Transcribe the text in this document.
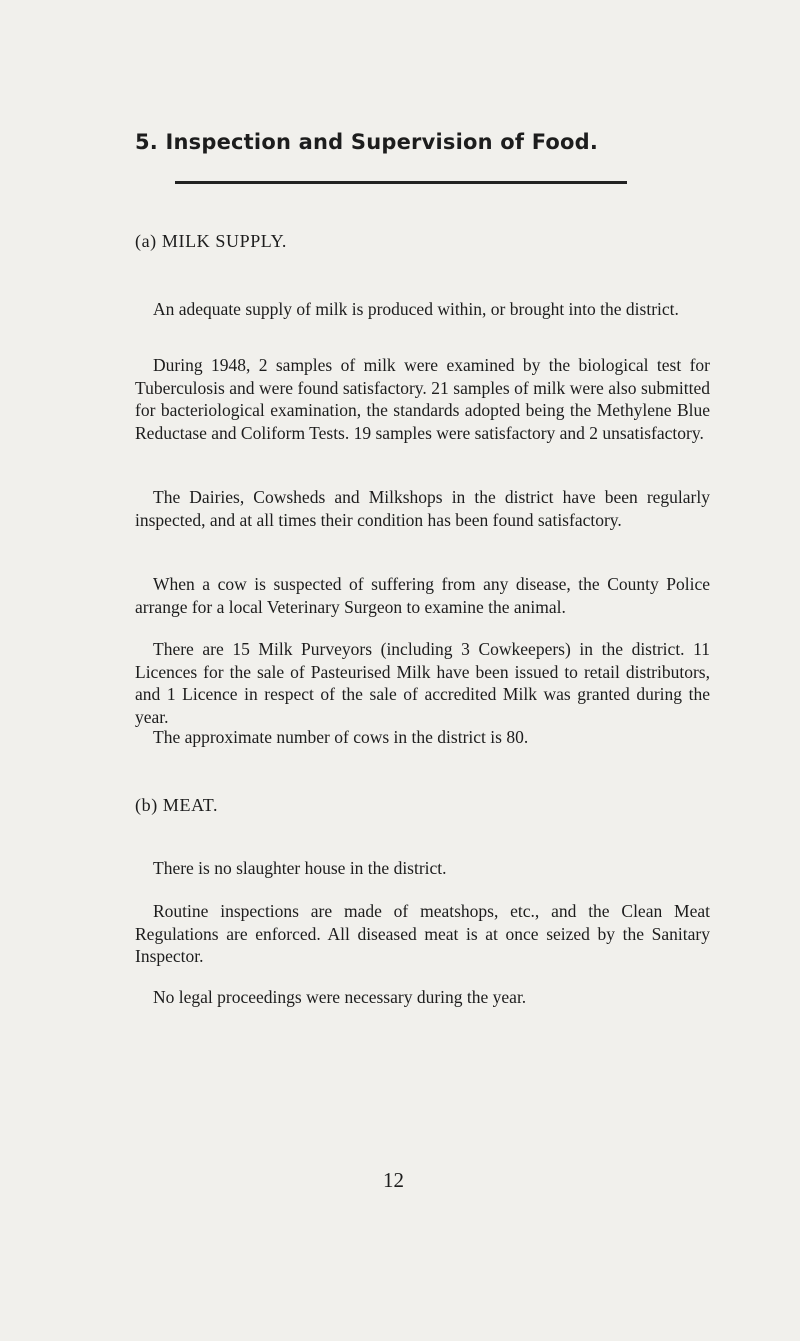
5. Inspection and Supervision of Food.
(a) MILK SUPPLY.
An adequate supply of milk is produced within, or brought into the district.
During 1948, 2 samples of milk were examined by the biological test for Tuberculosis and were found satisfactory. 21 samples of milk were also submitted for bacteriological examination, the standards adopted being the Methylene Blue Reductase and Coliform Tests. 19 samples were satisfactory and 2 unsatisfactory.
The Dairies, Cowsheds and Milkshops in the district have been regularly inspected, and at all times their condition has been found satisfactory.
When a cow is suspected of suffering from any disease, the County Police arrange for a local Veterinary Surgeon to examine the animal.
There are 15 Milk Purveyors (including 3 Cowkeepers) in the district. 11 Licences for the sale of Pasteurised Milk have been issued to retail distributors, and 1 Licence in respect of the sale of accredited Milk was granted during the year.
The approximate number of cows in the district is 80.
(b) MEAT.
There is no slaughter house in the district.
Routine inspections are made of meatshops, etc., and the Clean Meat Regulations are enforced. All diseased meat is at once seized by the Sanitary Inspector.
No legal proceedings were necessary during the year.
12
